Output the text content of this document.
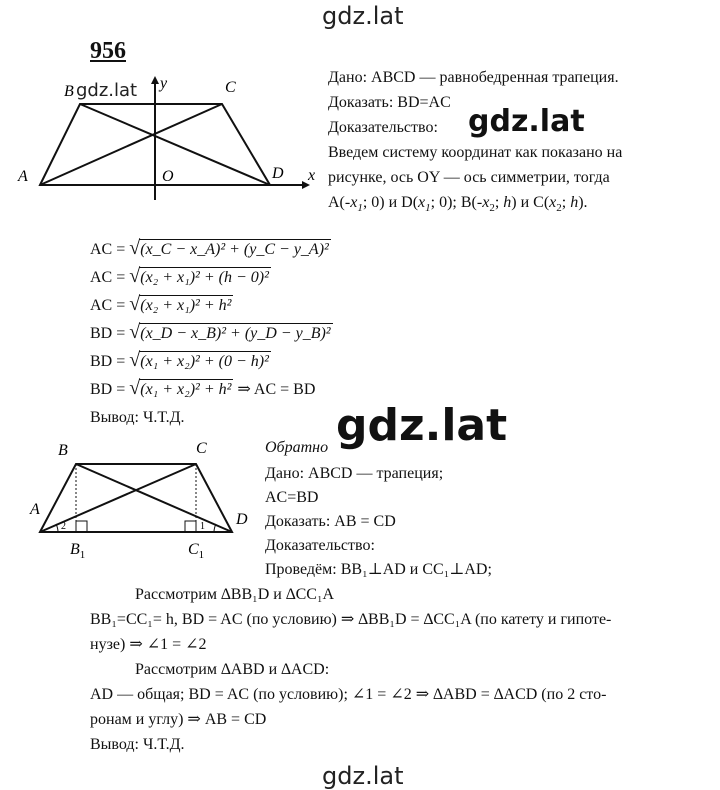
gdz.lat
956
B	C
A	D
O	x
y
gdz.lat
Дано: ABCD — равнобедренная трапеция.
Доказать: BD=AC
Доказательство: gdz.lat
Введем систему координат как показано на
рисунке, ось OY — ось симметрии, тогда
$A(-x_1$; 0) и $D(x_1$; 0); $B(-x_2$; h) и $C(x_2$; h).
AC = √(x_C − x_A)² + (y_C − y_A)²
AC = √(x₂ + x₁)² + (h − 0)²
AC = √(x₂ + x₁)² + h²
BD = √(x_D − x_B)² + (y_D − y_B)²
BD = √(x₁ + x₂)² + (0 − h)²
BD = √(x₁ + x₂)² + h² ⇒ AC = BD
Вывод: Ч.Т.Д.	gdz.lat
B	C
A
D
$B_1$	$C_1$
2	1
Обратно
Дано: ABCD — трапеция;
AC=BD
Доказать: AB = CD
Доказательство:
Проведём: BB₁⊥AD и CC₁⊥AD;
Рассмотрим ∆BB₁D и ∆CC₁A
BB₁=CC₁= h, BD = AC (по условию) ⇒ ∆BB₁D = ∆CC₁A (по катету и гипоте-
нузе) ⇒ ∠1 = ∠2
Рассмотрим ∆ABD и ∆ACD:
AD — общая; BD = AC (по условию); ∠1 = ∠2 ⇒ ∆ABD = ∆ACD (по 2 сто-
ронам и углу) ⇒ AB = CD
Вывод: Ч.Т.Д.
gdz.lat
